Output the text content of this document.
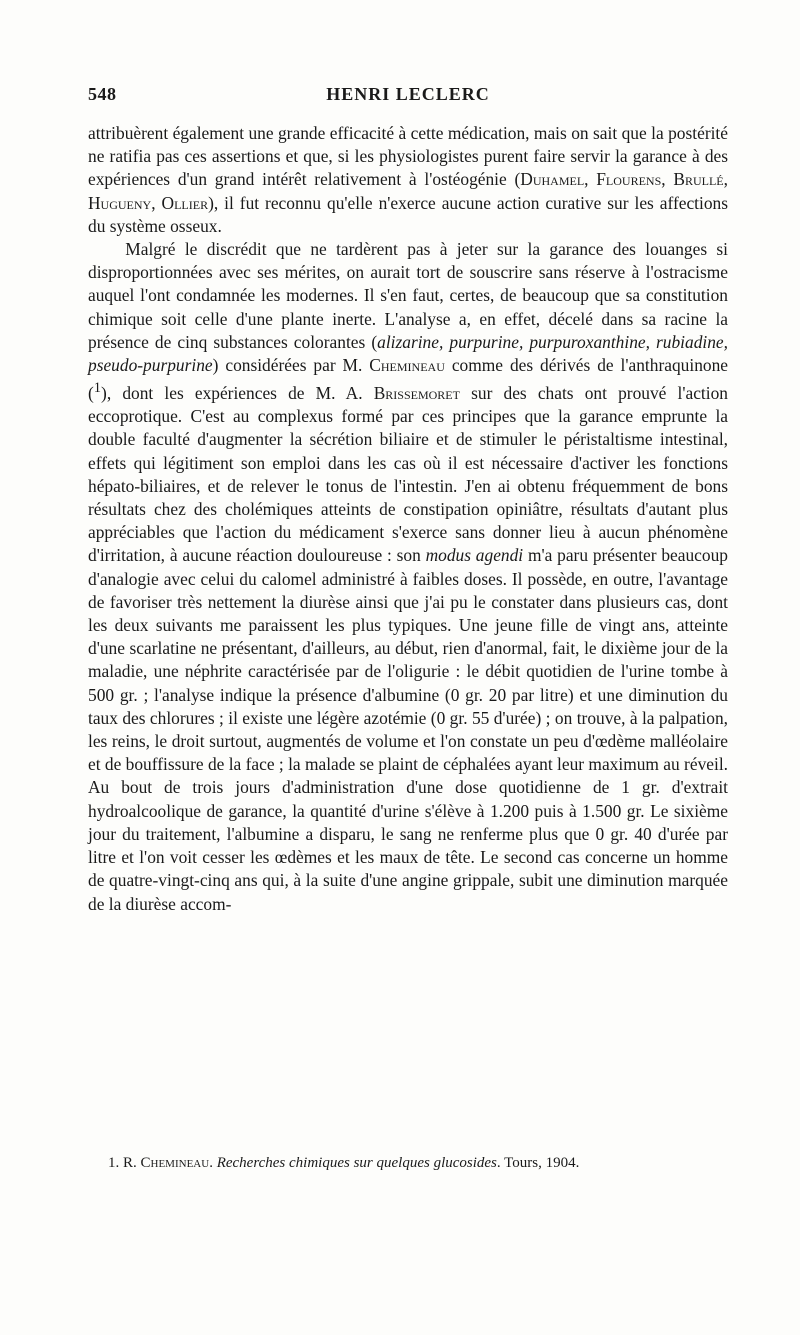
548	HENRI LECLERC

attribuèrent également une grande efficacité à cette médication, mais on sait que la postérité ne ratifia pas ces assertions et que, si les physiologistes purent faire servir la garance à des expériences d'un grand intérêt relativement à l'ostéogénie (Duhamel, Flourens, Brullé, Hugueny, Ollier), il fut reconnu qu'elle n'exerce aucune action curative sur les affections du système osseux.

Malgré le discrédit que ne tardèrent pas à jeter sur la garance des louanges si disproportionnées avec ses mérites, on aurait tort de souscrire sans réserve à l'ostracisme auquel l'ont condamnée les modernes. Il s'en faut, certes, de beaucoup que sa constitution chimique soit celle d'une plante inerte. L'analyse a, en effet, décelé dans sa racine la présence de cinq substances colorantes (alizarine, purpurine, purpuroxanthine, rubiadine, pseudo-purpurine) considérées par M. Chemineau comme des dérivés de l'anthraquinone ($^1$), dont les expériences de M. A. Brissemoret sur des chats ont prouvé l'action eccoprotique. C'est au complexus formé par ces principes que la garance emprunte la double faculté d'augmenter la sécrétion biliaire et de stimuler le péristaltisme intestinal, effets qui légitiment son emploi dans les cas où il est nécessaire d'activer les fonctions hépato-biliaires, et de relever le tonus de l'intestin. J'en ai obtenu fréquemment de bons résultats chez des cholémiques atteints de constipation opiniâtre, résultats d'autant plus appréciables que l'action du médicament s'exerce sans donner lieu à aucun phénomène d'irritation, à aucune réaction douloureuse : son modus agendi m'a paru présenter beaucoup d'analogie avec celui du calomel administré à faibles doses. Il possède, en outre, l'avantage de favoriser très nettement la diurèse ainsi que j'ai pu le constater dans plusieurs cas, dont les deux suivants me paraissent les plus typiques. Une jeune fille de vingt ans, atteinte d'une scarlatine ne présentant, d'ailleurs, au début, rien d'anormal, fait, le dixième jour de la maladie, une néphrite caractérisée par de l'oligurie : le débit quotidien de l'urine tombe à 500 gr. ; l'analyse indique la présence d'albumine (0 gr. 20 par litre) et une diminution du taux des chlorures ; il existe une légère azotémie (0 gr. 55 d'urée) ; on trouve, à la palpation, les reins, le droit surtout, augmentés de volume et l'on constate un peu d'œdème malléolaire et de bouffissure de la face ; la malade se plaint de céphalées ayant leur maximum au réveil. Au bout de trois jours d'administration d'une dose quotidienne de 1 gr. d'extrait hydroalcoolique de garance, la quantité d'urine s'élève à 1.200 puis à 1.500 gr. Le sixième jour du traitement, l'albumine a disparu, le sang ne renferme plus que 0 gr. 40 d'urée par litre et l'on voit cesser les œdèmes et les maux de tête. Le second cas concerne un homme de quatre-vingt-cinq ans qui, à la suite d'une angine grippale, subit une diminution marquée de la diurèse accom-

1. R. Chemineau. Recherches chimiques sur quelques glucosides. Tours, 1904.
